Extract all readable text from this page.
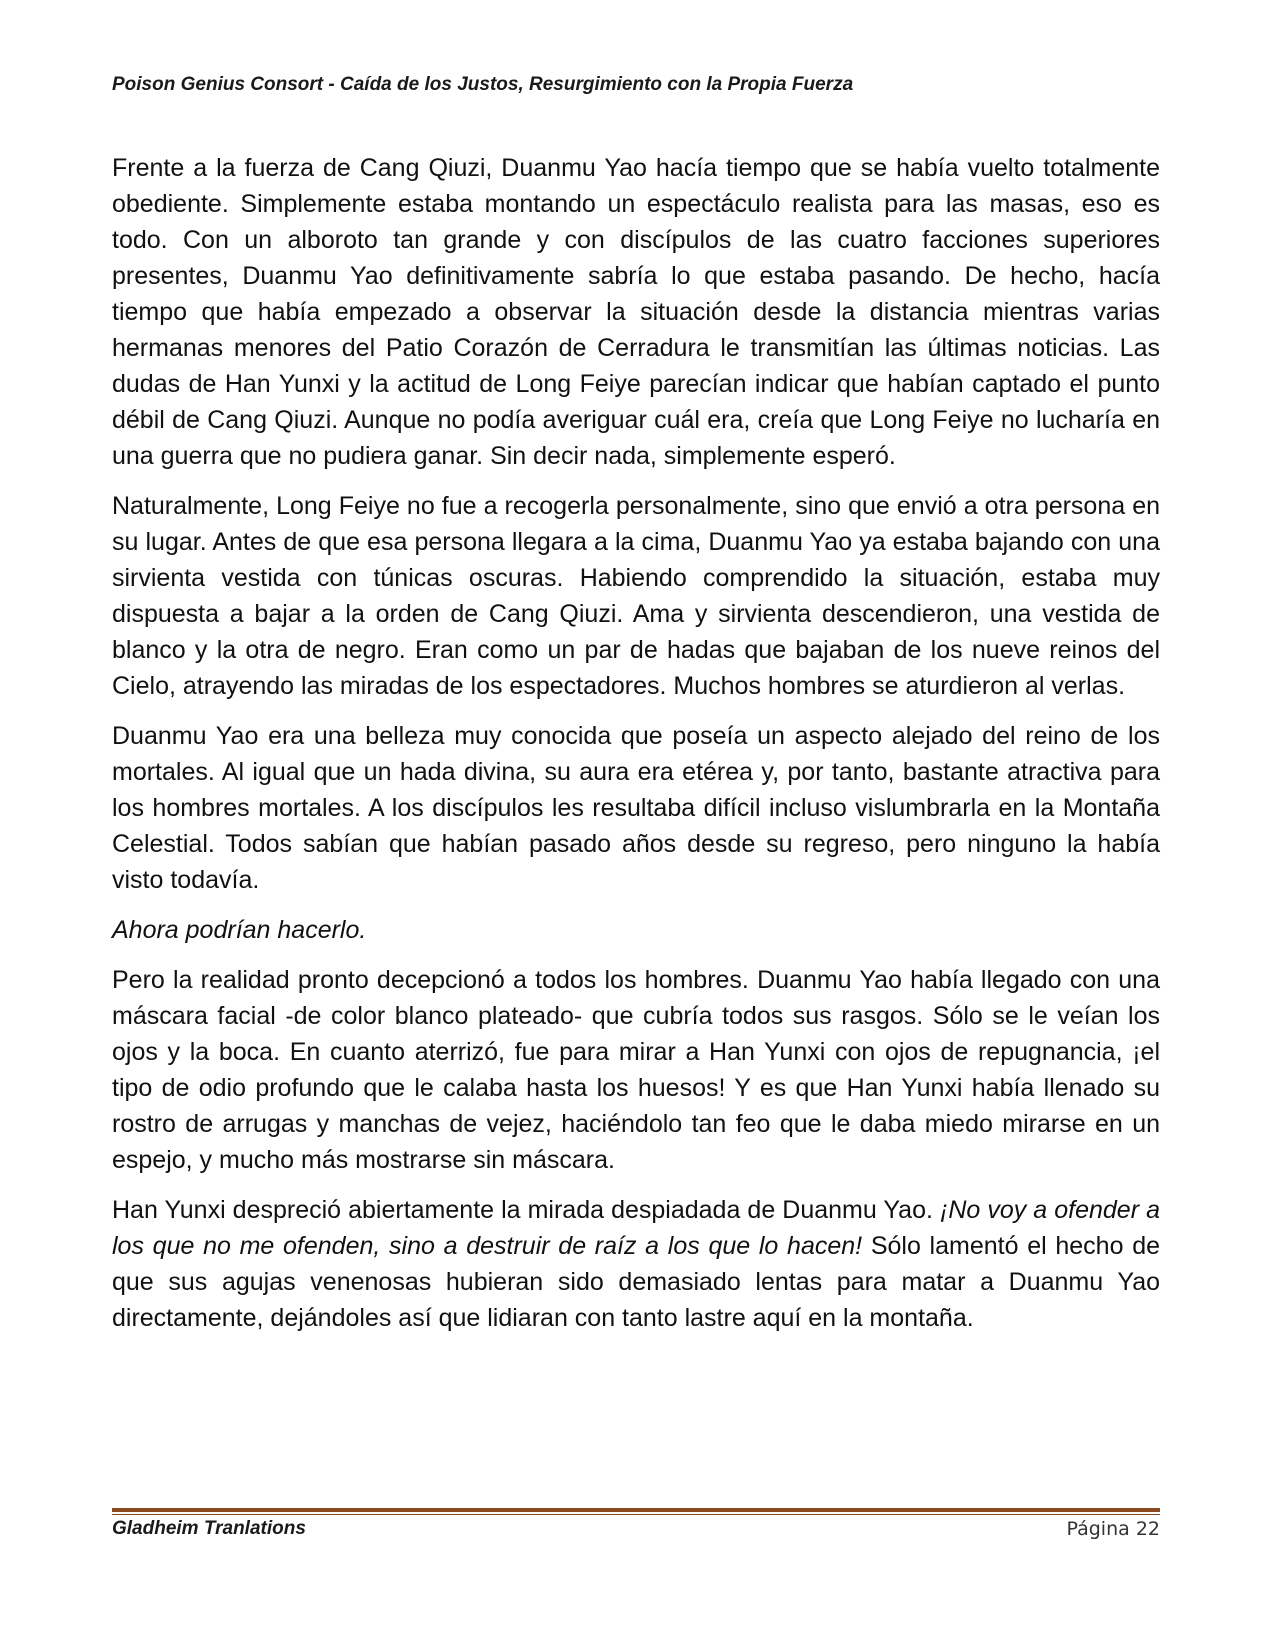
Poison Genius Consort - Caída de los Justos, Resurgimiento con la Propia Fuerza

Frente a la fuerza de Cang Qiuzi, Duanmu Yao hacía tiempo que se había vuelto totalmente obediente. Simplemente estaba montando un espectáculo realista para las masas, eso es todo. Con un alboroto tan grande y con discípulos de las cuatro facciones superiores presentes, Duanmu Yao definitivamente sabría lo que estaba pasando. De hecho, hacía tiempo que había empezado a observar la situación desde la distancia mientras varias hermanas menores del Patio Corazón de Cerradura le transmitían las últimas noticias. Las dudas de Han Yunxi y la actitud de Long Feiye parecían indicar que habían captado el punto débil de Cang Qiuzi. Aunque no podía averiguar cuál era, creía que Long Feiye no lucharía en una guerra que no pudiera ganar. Sin decir nada, simplemente esperó.

Naturalmente, Long Feiye no fue a recogerla personalmente, sino que envió a otra persona en su lugar. Antes de que esa persona llegara a la cima, Duanmu Yao ya estaba bajando con una sirvienta vestida con túnicas oscuras. Habiendo comprendido la situación, estaba muy dispuesta a bajar a la orden de Cang Qiuzi. Ama y sirvienta descendieron, una vestida de blanco y la otra de negro. Eran como un par de hadas que bajaban de los nueve reinos del Cielo, atrayendo las miradas de los espectadores. Muchos hombres se aturdieron al verlas.

Duanmu Yao era una belleza muy conocida que poseía un aspecto alejado del reino de los mortales. Al igual que un hada divina, su aura era etérea y, por tanto, bastante atractiva para los hombres mortales. A los discípulos les resultaba difícil incluso vislumbrarla en la Montaña Celestial. Todos sabían que habían pasado años desde su regreso, pero ninguno la había visto todavía.

Ahora podrían hacerlo.

Pero la realidad pronto decepcionó a todos los hombres. Duanmu Yao había llegado con una máscara facial -de color blanco plateado- que cubría todos sus rasgos. Sólo se le veían los ojos y la boca. En cuanto aterrizó, fue para mirar a Han Yunxi con ojos de repugnancia, ¡el tipo de odio profundo que le calaba hasta los huesos! Y es que Han Yunxi había llenado su rostro de arrugas y manchas de vejez, haciéndolo tan feo que le daba miedo mirarse en un espejo, y mucho más mostrarse sin máscara.

Han Yunxi despreció abiertamente la mirada despiadada de Duanmu Yao. ¡No voy a ofender a los que no me ofenden, sino a destruir de raíz a los que lo hacen! Sólo lamentó el hecho de que sus agujas venenosas hubieran sido demasiado lentas para matar a Duanmu Yao directamente, dejándoles así que lidiaran con tanto lastre aquí en la montaña.

Gladheim Tranlations	Página 22
